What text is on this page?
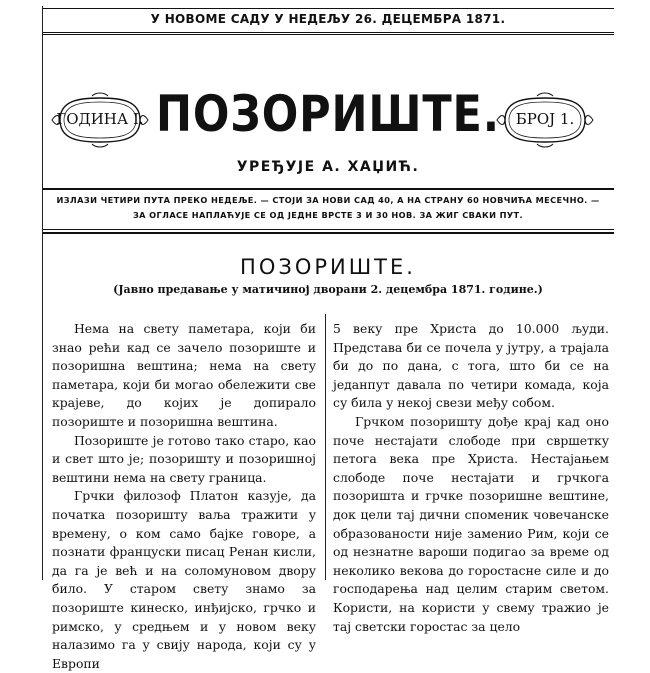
У НОВОМЕ САДУ У НЕДЕЉУ 26. ДЕЦЕМБРА 1871.
ГОДИНА I. ПОЗОРИШТЕ.	БРОЈ 1.
УРЕЂУЈЕ А. ХАЏИЋ.
ИЗЛАЗИ ЧЕТИРИ ПУТА ПРЕКО НЕДЕЉЕ. — СТОЈИ ЗА НОВИ САД 40, А НА СТРАНУ 60 НОВЧИЋА МЕСЕЧНО. —
ЗА ОГЛАСЕ НАПЛАЋУЈЕ СЕ ОД ЈЕДНЕ ВРСТЕ 3 И 30 НОВ. ЗА ЖИГ СВАКИ ПУТ.
ПОЗОРИШТЕ.
(Јавно предавање у матичиној дворани 2. децембра 1871. године.)

Нема на свету паметара, који би знао рећи кад се зачело позориште и позоришна вештина; нема на свету паметара, који би могао обележити све крајеве, до којих је допирало позориште и позоришна вештина.

Позориште је готово тако старо, као и свет што је; позоришту и позоришној вештини нема на свету граница.

Грчки филозоф Платон казује, да початка позоришту ваља тражити у времену, о ком само бајке говоре, а познати француски писац Ренан кисли, да га је већ и на соломуновом двору било. У старом свету знамо за позориште кинеско, инђијско, грчко и римско, у средњем и у новом веку налазимо га у свију народа, који су у Европи

5 веку пре Христа до 10.000 људи. Представа би се почела у јутру, а трајала би до по дана, с тога, што би се на једанпут давала по четири комада, која су била у некој свези међу собом.

Грчком позоришту дође крај кад оно поче нестајати слободе при свршетку петога века пре Христа. Нестајањем слободе поче нестајати и грчкога позоришта и грчке позоришне вештине, док цели тај дични споменик човечанске образованости није заменио Рим, који се од незнатне вароши подигао за време од неколико векова до горостасне силе и до господарења над целим старим светом. Користи, на користи у свему тражио је тај светски горостас за цело
